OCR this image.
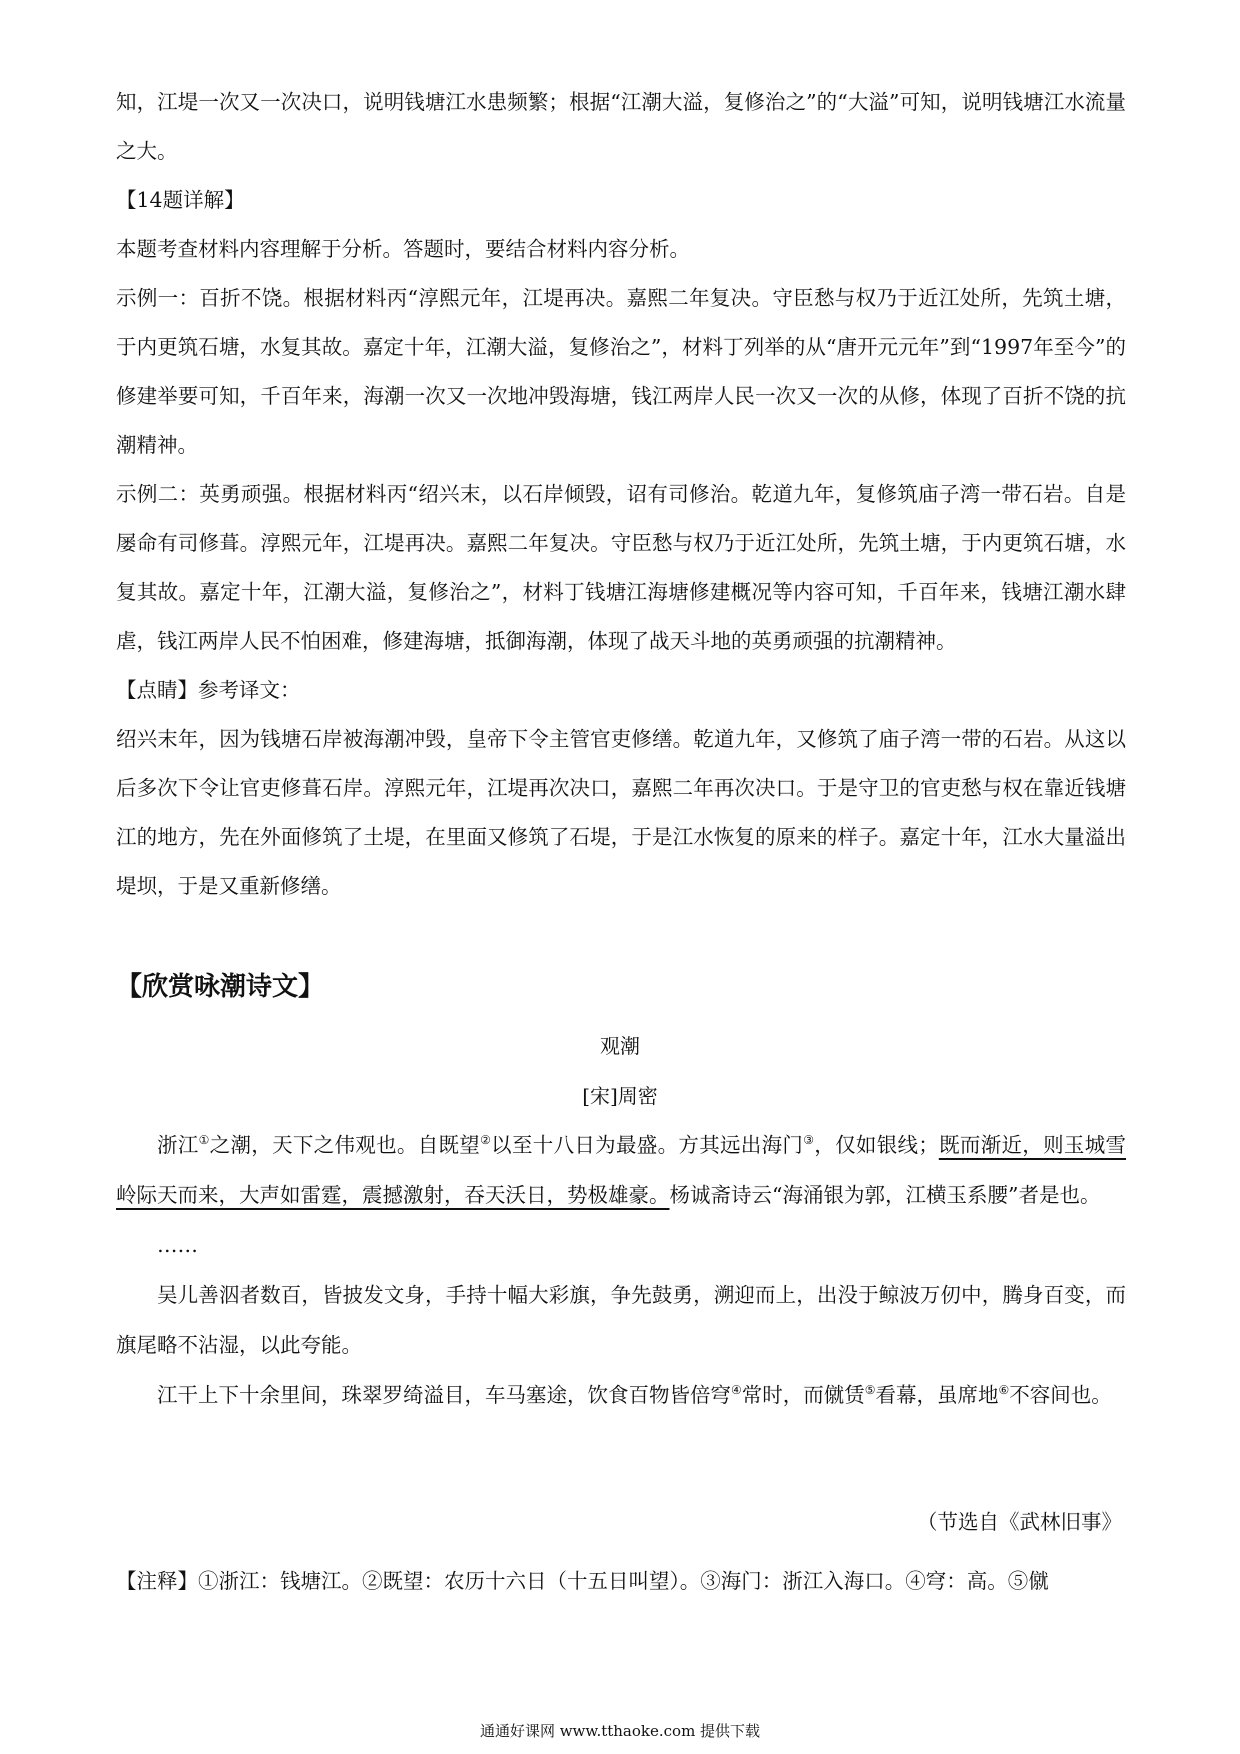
知，江堤一次又一次决口，说明钱塘江水患频繁；根据“江潮大溢，复修治之”的“大溢”可知，说明钱塘江水流量之大。

【14题详解】

本题考查材料内容理解于分析。答题时，要结合材料内容分析。

示例一：百折不饶。根据材料丙“淳熙元年，江堤再决。嘉熙二年复决。守臣愁与权乃于近江处所，先筑土塘，于内更筑石塘，水复其故。嘉定十年，江潮大溢，复修治之”，材料丁列举的从“唐开元元年”到“1997年至今”的修建举要可知，千百年来，海潮一次又一次地冲毁海塘，钱江两岸人民一次又一次的从修，体现了百折不饶的抗潮精神。

示例二：英勇顽强。根据材料丙“绍兴末，以石岸倾毁，诏有司修治。乾道九年，复修筑庙子湾一带石岩。自是屡命有司修葺。淳熙元年，江堤再决。嘉熙二年复决。守臣愁与权乃于近江处所，先筑土塘，于内更筑石塘，水复其故。嘉定十年，江潮大溢，复修治之”，材料丁钱塘江海塘修建概况等内容可知，千百年来，钱塘江潮水肆虐，钱江两岸人民不怕困难，修建海塘，抵御海潮，体现了战天斗地的英勇顽强的抗潮精神。

【点睛】参考译文：

绍兴末年，因为钱塘石岸被海潮冲毁，皇帝下令主管官吏修缮。乾道九年，又修筑了庙子湾一带的石岩。从这以后多次下令让官吏修葺石岸。淳熙元年，江堤再次决口，嘉熙二年再次决口。于是守卫的官吏愁与权在靠近钱塘江的地方，先在外面修筑了土堤，在里面又修筑了石堤，于是江水恢复的原来的样子。嘉定十年，江水大量溢出堤坝，于是又重新修缮。

【欣赏咏潮诗文】
观潮
[宋]周密

浙江①之潮，天下之伟观也。自既望②以至十八日为最盛。方其远出海门③，仅如银线；既而渐近，则玉城雪岭际天而来，大声如雷霆，震撼激射，吞天沃日，势极雄豪。杨诚斋诗云“海涌银为郭，江横玉系腰”者是也。

……

吴儿善泅者数百，皆披发文身，手持十幅大彩旗，争先鼓勇，溯迎而上，出没于鲸波万仞中，腾身百变，而旗尾略不沾湿，以此夸能。

江干上下十余里间，珠翠罗绮溢目，车马塞途，饮食百物皆倍穹④常时，而僦赁⑤看幕，虽席地⑥不容间也。

（节选自《武林旧事》
【注释】①浙江：钱塘江。②既望：农历十六日（十五日叫望）。③海门：浙江入海口。④穹：高。⑤僦
通通好课网 www.tthaoke.com 提供下载
